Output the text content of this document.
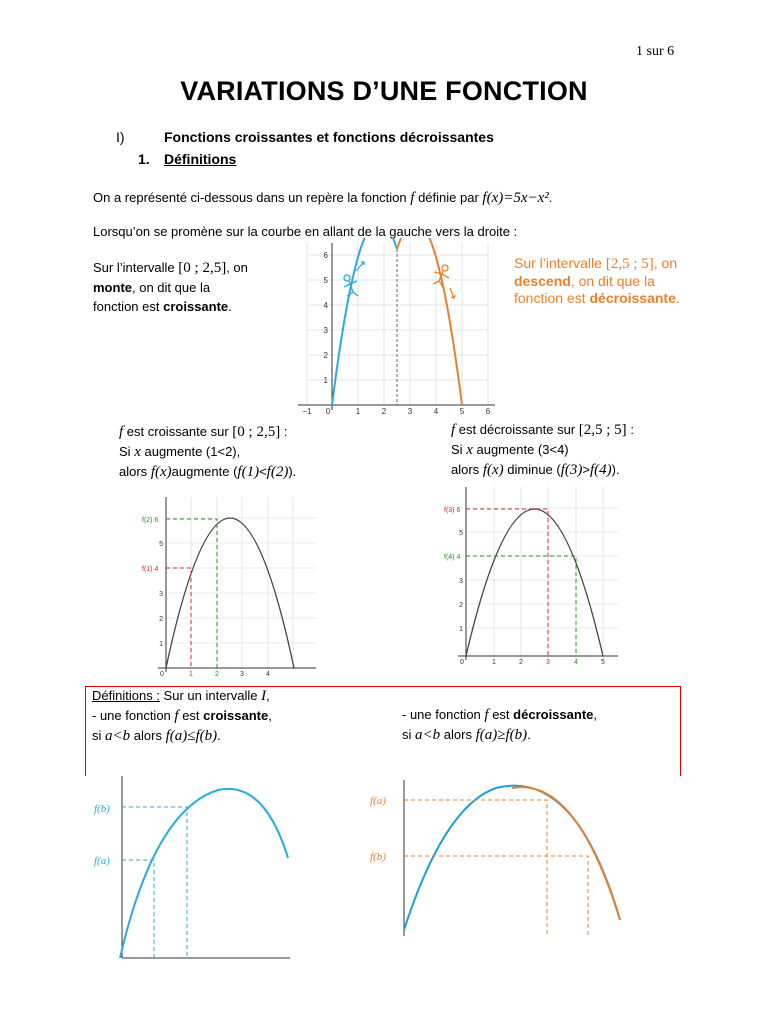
1 sur 6
VARIATIONS D’UNE FONCTION
I)	Fonctions croissantes et fonctions décroissantes
1. Définitions
On a représenté ci-dessous dans un repère la fonction f définie par f(x)=5x−x².
Lorsqu’on se promène sur la courbe en allant de la gauche vers la droite :
Sur l’intervalle [0 ; 2,5], on
monte, on dit que la
fonction est croissante.
Sur l’intervalle [2,5 ; 5], on
descend, on dit que la
fonction est décroissante.
−1 0	1	2	3	4	5	6
1
2
3
4
5
6
f est croissante sur [0 ; 2,5] :
Si x augmente (1<2),
alors f(x)augmente (f(1)<f(2)).
f est décroissante sur [2,5 ; 5] :
Si x augmente (3<4)
alors f(x) diminue (f(3)>f(4)).
f(2) 6
f(1) 4
5
3
2
1
0	1	2	3	4
f(3) 6
f(4) 4
5
3
2
1
0	1	2	3	4	5
Définitions : Sur un intervalle I,
- une fonction f est croissante,
si a<b alors f(a)≤f(b).
- une fonction f est décroissante,
si a<b alors f(a)≥f(b).
f(b)
f(a)
f(a)
f(b)
